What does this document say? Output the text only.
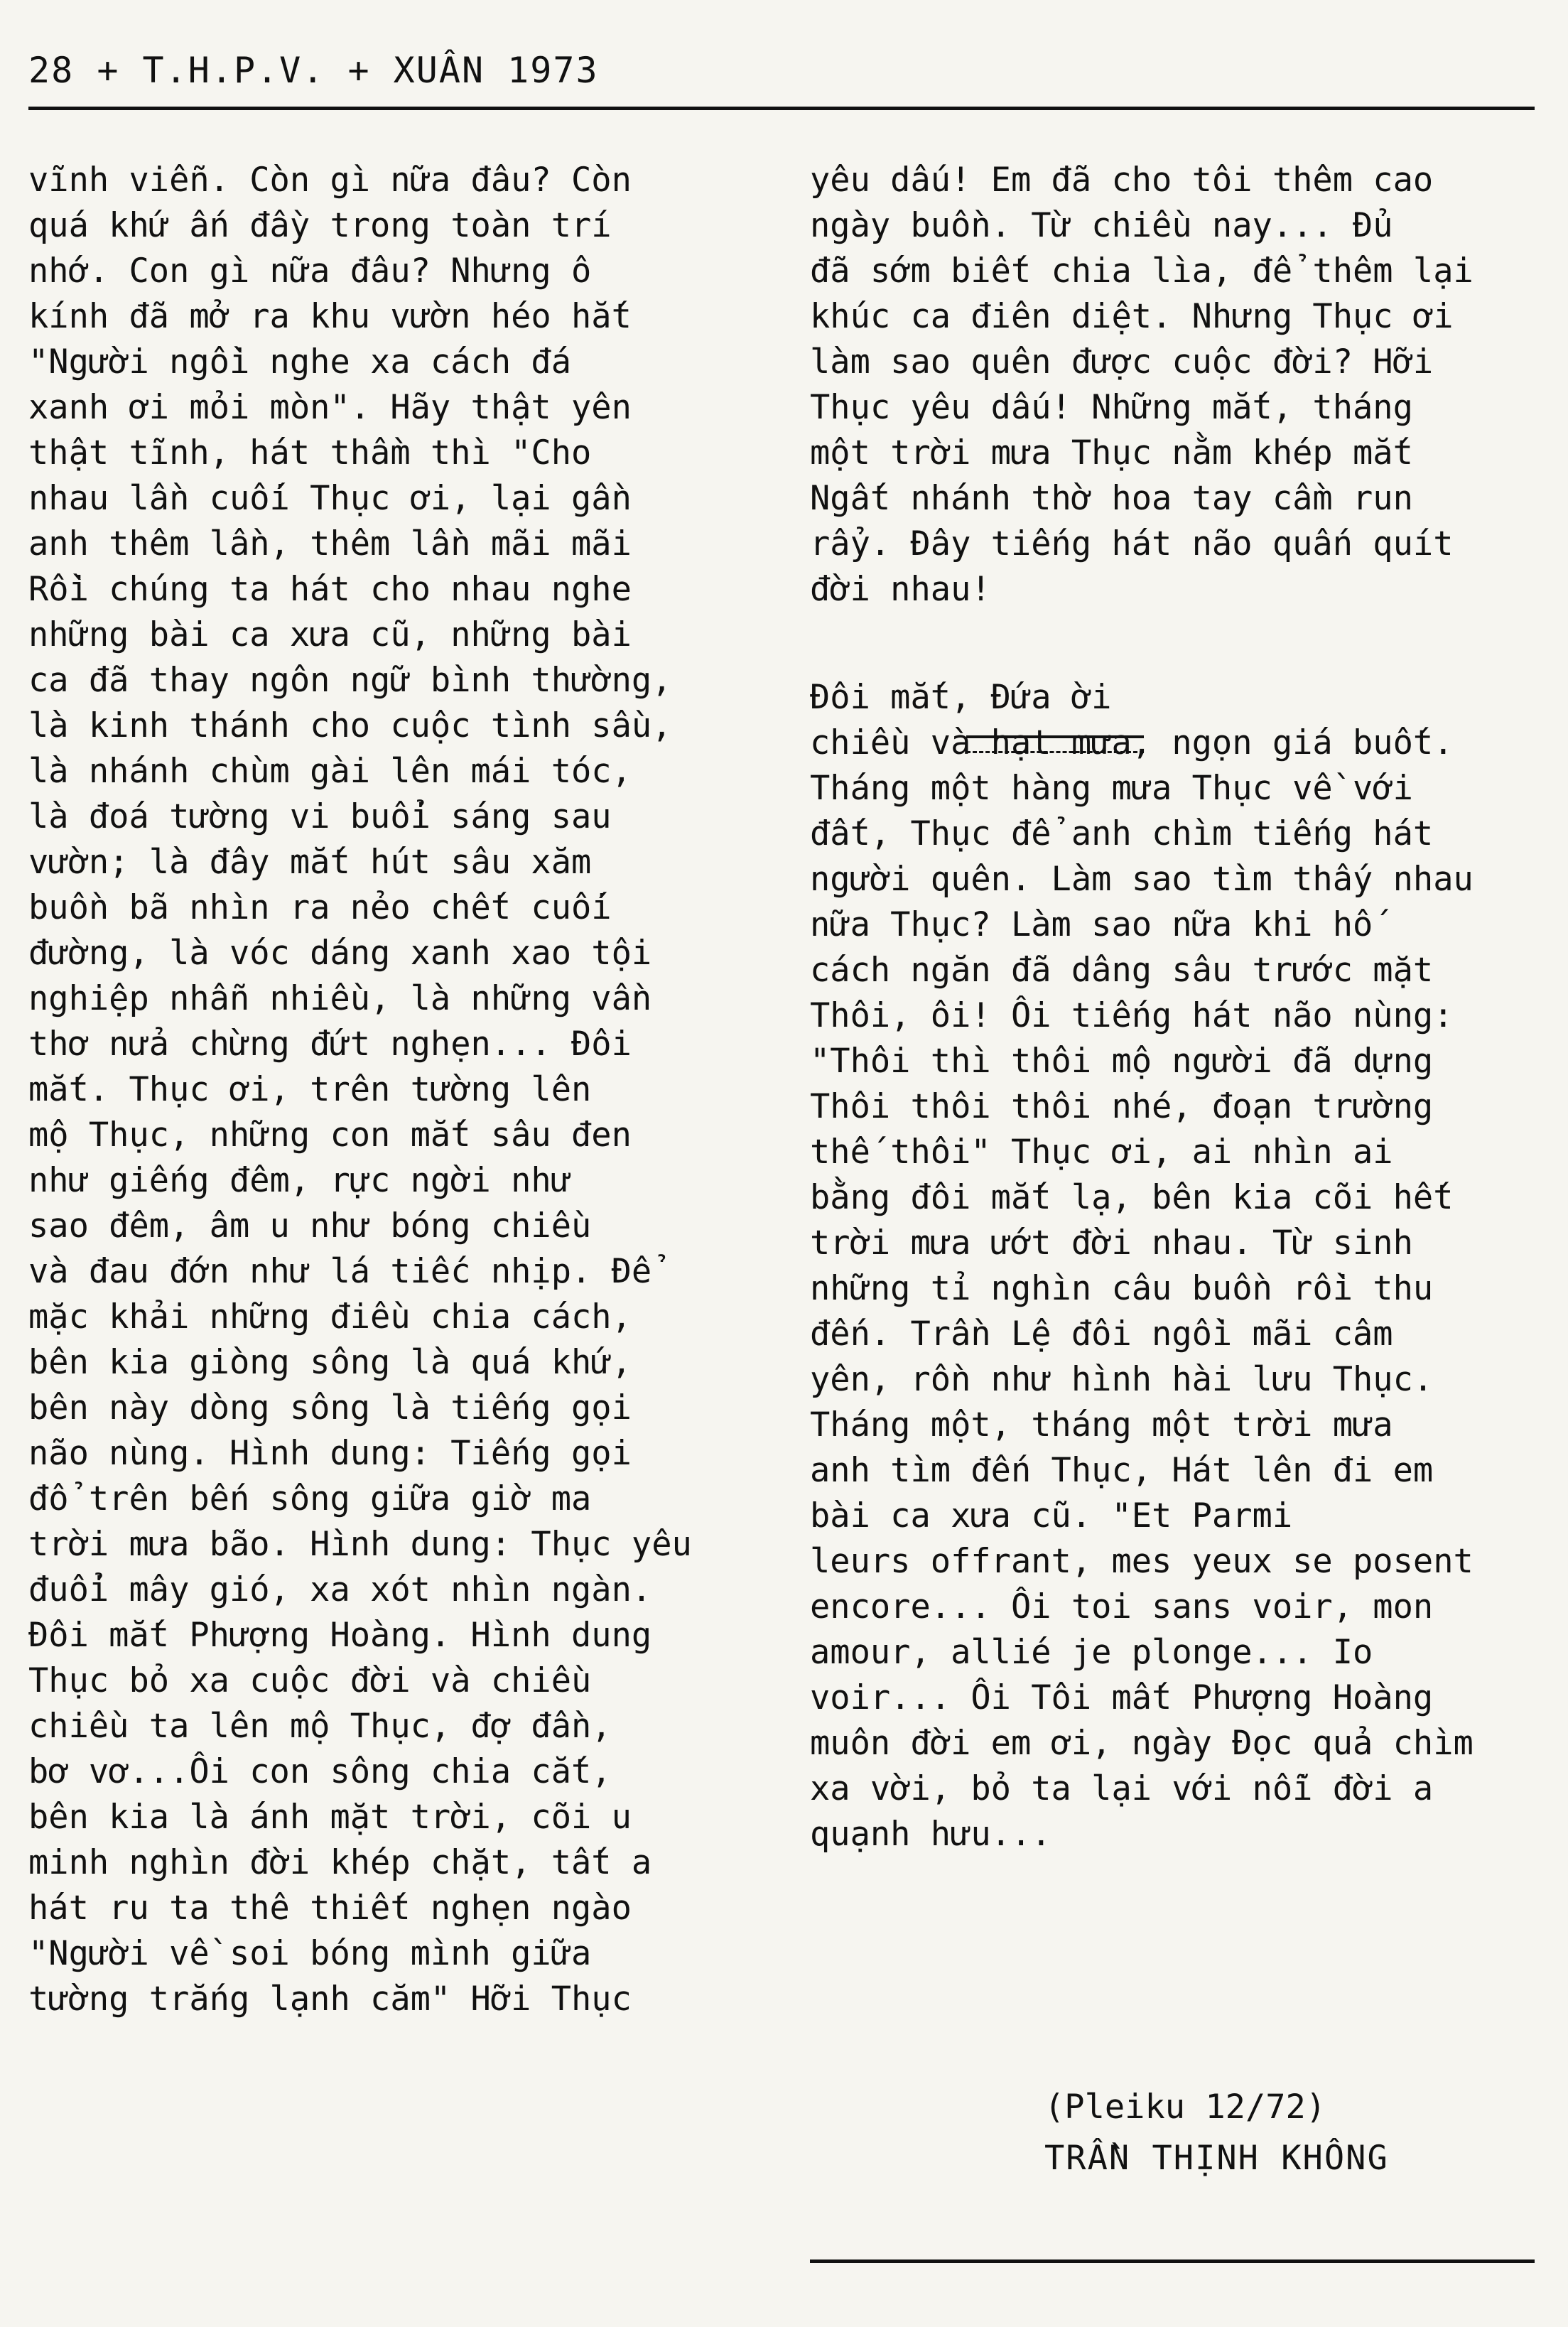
28 + T.H.P.V. + XUÂN 1973
vĩnh viễn. Còn gì nữa đâu? Còn
quá khứ ấn đầy trong toàn trí
nhớ. Con gì nữa đâu? Nhưng ô
kính đã mở ra khu vườn héo hắt
"Người ngồi nghe xa cách đá
xanh ơi mỏi mòn". Hãy thật yên
thật tĩnh, hát thầm thì "Cho
nhau lần cuối Thục ơi, lại gần
anh thêm lần, thêm lần mãi mãi
Rồi chúng ta hát cho nhau nghe
những bài ca xưa cũ, những bài
ca đã thay ngôn ngữ bình thường,
là kinh thánh cho cuộc tình sầu,
là nhánh chùm gài lên mái tóc,
là đoá tường vi buổi sáng sau
vườn; là đây mắt hút sâu xăm
buồn bã nhìn ra nẻo chết cuối
đường, là vóc dáng xanh xao tội
nghiệp nhẫn nhiều, là những vần
thơ nửa chừng đứt nghẹn... Đôi
mắt. Thục ơi, trên tường lên
mộ Thục, những con mắt sâu đen
như giếng đêm, rực ngời như
sao đêm, âm u như bóng chiều
và đau đớn như lá tiếc nhịp. Để
mặc khải những điều chia cách,
bên kia giòng sông là quá khứ,
bên này dòng sông là tiếng gọi
não nùng. Hình dung: Tiếng gọi
đổ trên bến sông giữa giờ ma
trời mưa bão. Hình dung: Thục yêu
đuổi mây gió, xa xót nhìn ngàn.
Đôi mắt Phượng Hoàng. Hình dung
Thục bỏ xa cuộc đời và chiều
chiều ta lên mộ Thục, đợ đần,
bơ vơ...Ôi con sông chia cắt,
bên kia là ánh mặt trời, cõi u
minh nghìn đời khép chặt, tất a
hát ru ta thê thiết nghẹn ngào
"Người về soi bóng mình giữa
tường trắng lạnh căm" Hỡi Thục
yêu dấu! Em đã cho tôi thêm cao
ngày buồn. Từ chiều nay... Đủ
đã sớm biết chia lìa, để thêm lại
khúc ca điên diệt. Nhưng Thục ơi
làm sao quên được cuộc đời? Hỡi
Thục yêu dấu! Những mắt, tháng
một trời mưa Thục nằm khép mắt
Ngất nhánh thờ hoa tay cầm run
rẩy. Đây tiếng hát não quấn quít
đời nhau!
Đôi mắt, Đứa ời
chiều và hạt mưa, ngọn giá buốt.
Tháng một hàng mưa Thục về với
đất, Thục để anh chìm tiếng hát
người quên. Làm sao tìm thấy nhau
nữa Thục? Làm sao nữa khi hố
cách ngăn đã dâng sâu trước mặt
Thôi, ôi! Ôi tiếng hát não nùng:
"Thôi thì thôi mộ người đã dựng
Thôi thôi thôi nhé, đoạn trường
thế thôi" Thục ơi, ai nhìn ai
bằng đôi mắt lạ, bên kia cõi hết
trời mưa ướt đời nhau. Từ sinh
những tỉ nghìn câu buồn rồi thu
đến. Trần Lệ đôi ngồi mãi câm
yên, rồn như hình hài lưu Thục.
Tháng một, tháng một trời mưa
anh tìm đến Thục, Hát lên đi em
bài ca xưa cũ. "Et Parmi
leurs offrant, mes yeux se posent
encore... Ôi toi sans voir, mon
amour, allié je plonge... Io
voir... Ôi Tôi mất Phượng Hoàng
muôn đời em ơi, ngày Đọc quả chìm
xa vời, bỏ ta lại với nỗi đời a
quạnh hưu...
(Pleiku 12/72)
TRẦN THỊNH KHÔNG
